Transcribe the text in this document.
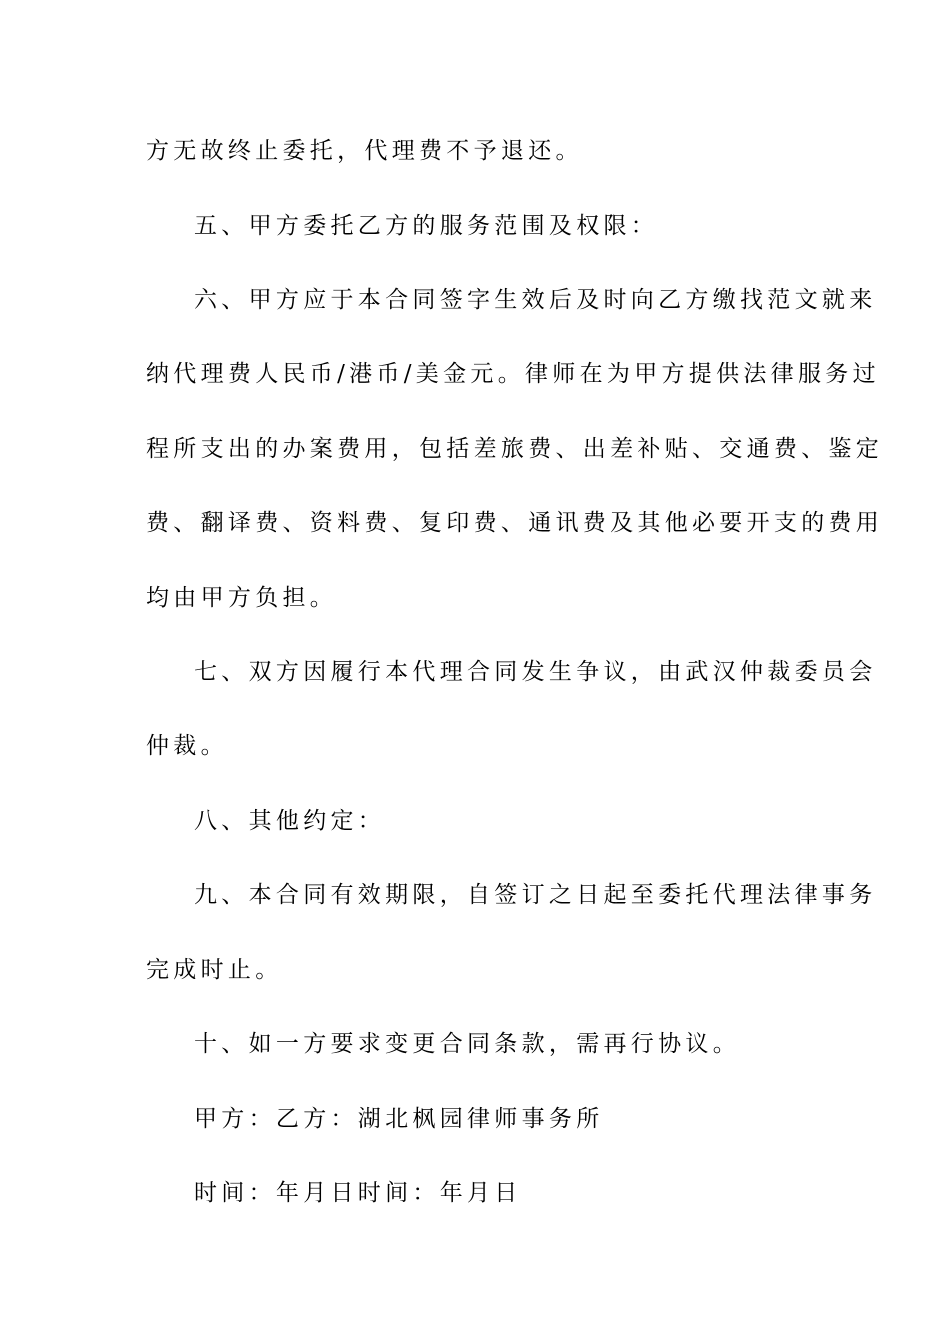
方无故终止委托，代理费不予退还。
五、甲方委托乙方的服务范围及权限：
六、甲方应于本合同签字生效后及时向乙方缴找范文就来
纳代理费人民币/港币/美金元。律师在为甲方提供法律服务过
程所支出的办案费用，包括差旅费、出差补贴、交通费、鉴定
费、翻译费、资料费、复印费、通讯费及其他必要开支的费用
均由甲方负担。
七、双方因履行本代理合同发生争议，由武汉仲裁委员会
仲裁。
八、其他约定：
九、本合同有效期限，自签订之日起至委托代理法律事务
完成时止。
十、如一方要求变更合同条款，需再行协议。
甲方：乙方：湖北枫园律师事务所
时间：年月日时间：年月日
